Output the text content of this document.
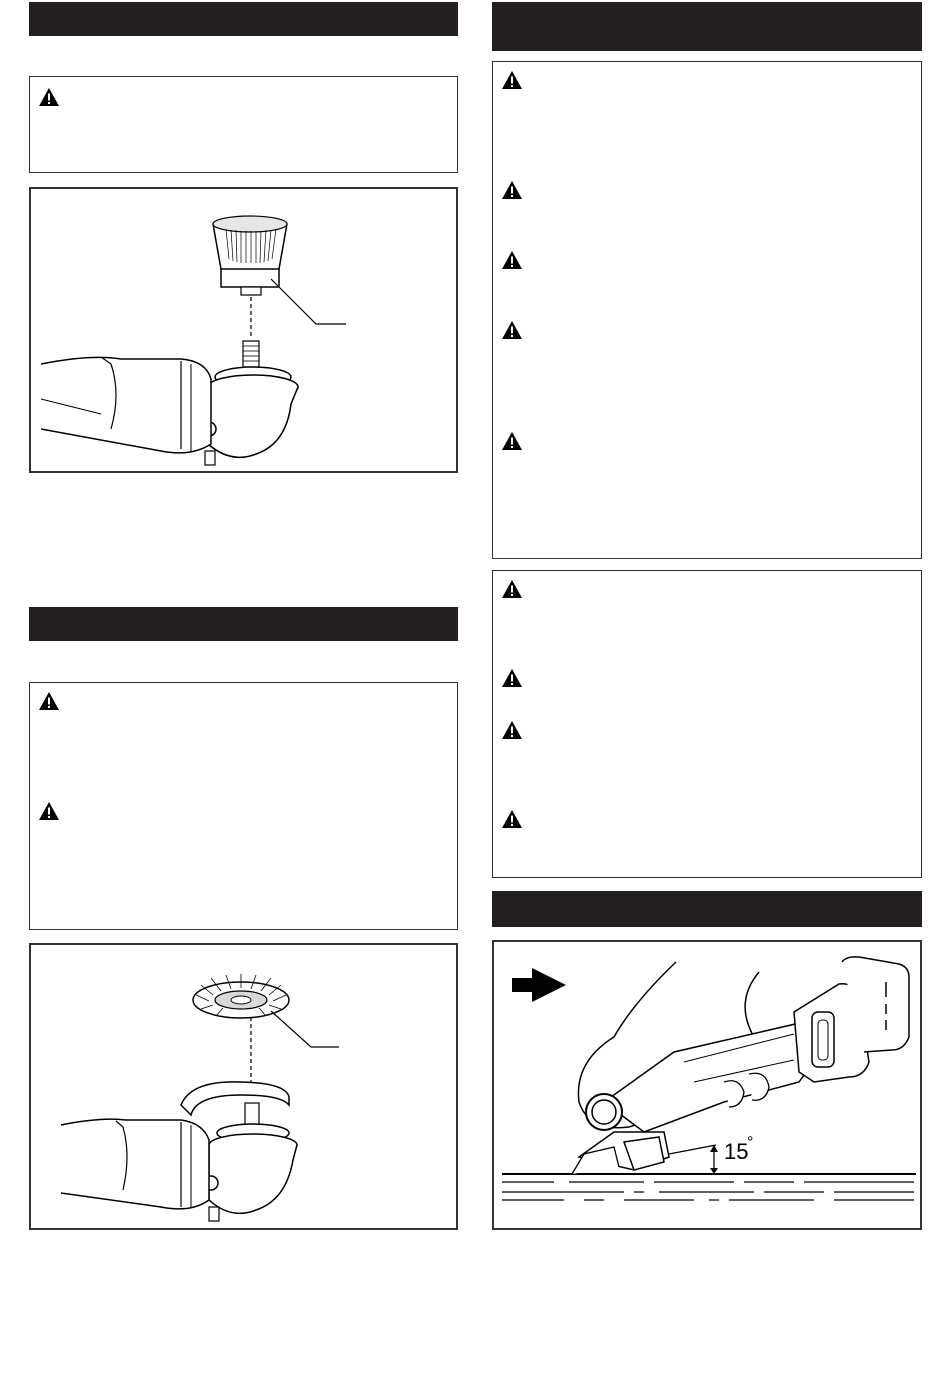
15
°
